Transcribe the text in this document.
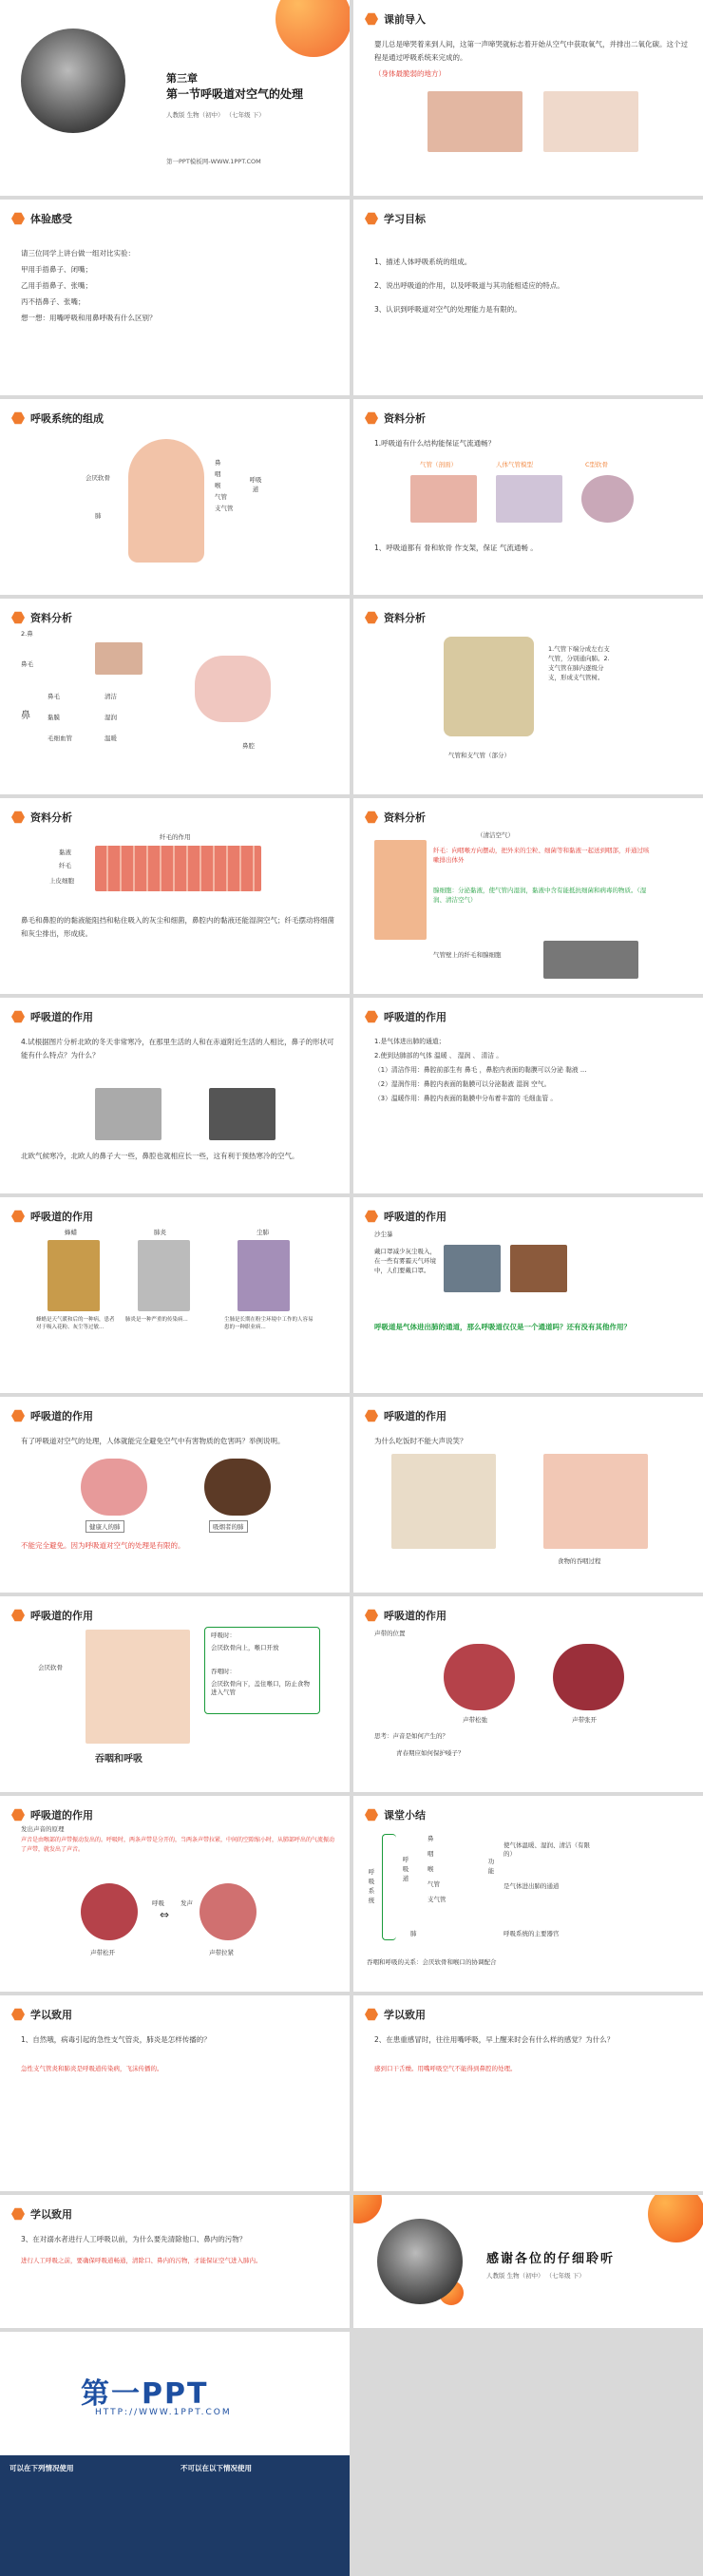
第三章
第一节呼吸道对空气的处理
人教版 生物（初中） （七年级 下）
第一PPT模板网-WWW.1PPT.COM
课前导入

婴儿总是啼哭着来到人间，这第一声啼哭就标志着开始从空气中获取氧气，并排出二氧化碳。这个过程是通过呼吸系统来完成的。

（身体最脆弱的地方）

体验感受

请三位同学上讲台做一组对比实验：

甲用手捂鼻子、闭嘴；

乙用手捂鼻子、张嘴；

丙不捂鼻子、张嘴；

想一想：用嘴呼吸和用鼻呼吸有什么区别？

学习目标

1、描述人体呼吸系统的组成。

2、说出呼吸道的作用，以及呼吸道与其功能相适应的特点。

3、认识到呼吸道对空气的处理能力是有限的。

呼吸系统的组成
会厌软骨
鼻
咽
喉
气管
支气管
呼吸道
肺
资料分析

1.呼吸道有什么结构能保证气流通畅？

气管（剖面）	人体气管模型	C型软骨
1、呼吸道都有 骨和软骨 作支架，保证 气流通畅 。
资料分析
2.鼻
鼻毛
鼻
鼻毛
黏膜
毛细血管
清洁
湿润
温暖
鼻腔
资料分析
1.气管下端分成左右支气管，分别通向肺。2.支气管在肺内逐级分支，形成支气管树。
气管和支气管（部分）
资料分析
纤毛的作用
黏液
纤毛
上皮细胞
鼻毛和鼻腔的的黏液能阻挡和粘住吸入的灰尘和细菌，鼻腔内的黏液还能湿润空气；纤毛摆动将细菌和灰尘排出，形成痰。
资料分析
（清洁空气）
纤毛：向咽喉方向摆动，把外来的尘粒、细菌等和黏液一起送到咽部，并通过咳嗽排出体外
腺细胞：分泌黏液，使气管内湿润，黏液中含有能抵抗细菌和病毒的物质。（湿润、清洁空气）
气管壁上的纤毛和腺细胞
呼吸道的作用
4.试根据图片分析北欧的冬天非常寒冷，在那里生活的人和在赤道附近生活的人相比，鼻子的形状可能有什么特点？为什么？
北欧气候寒冷，北欧人的鼻子大一些，鼻腔也就相应长一些，这有利于预热寒冷的空气。
呼吸道的作用

1.是气体进出肺的通道；

2.使到达肺部的气体 温暖 、 湿润 、 清洁 。

（1）清洁作用：鼻腔前部生有 鼻毛 ，鼻腔内表面的黏膜可以分泌 黏液 ...

（2）湿润作用：鼻腔内表面的黏膜可以分泌黏液 湿润 空气。

（3）温暖作用：鼻腔内表面的黏膜中分布着丰富的 毛细血管 。

呼吸道的作用
蜂蜡	肺炎	尘肺
蜂蜡是天气暖和后的一种病，患者对于吸入花粉、灰尘等过敏...
肺炎是一种严重的传染病...	尘肺是长期在粉尘环境中工作的人容易患的一种职业病...
呼吸道的作用
沙尘暴
戴口罩减少灰尘吸入，在一些有雾霾天气环境中，人们要戴口罩。
呼吸道是气体进出肺的通道，那么呼吸道仅仅是一个通道吗？还有没有其他作用？
呼吸道的作用
有了呼吸道对空气的处理，人体就能完全避免空气中有害物质的危害吗？举例说明。
健康人的肺	吸烟者的肺
不能完全避免。因为呼吸道对空气的处理是有限的。
呼吸道的作用
为什么吃饭时不能大声说笑？
食物的吞咽过程
呼吸道的作用
会厌软骨
呼吸时：
会厌软骨向上，喉口开放
吞咽时：
会厌软骨向下，盖住喉口，防止食物进入气管
吞咽和呼吸
呼吸道的作用
声带的位置
声带松弛	声带张开
思考：声音是如何产生的？
青春期应如何保护嗓子？
呼吸道的作用
发出声音的原理
声音是由喉部的声带振动发出的。呼吸时，两条声带是分开的，当两条声带拉紧，中间的空隙缩小时，从肺部呼出的气流振动了声带，就发出了声音。
呼吸	发声
⇔
声带松开	声带拉紧
课堂小结
呼吸系统
呼吸道
鼻
咽
喉
气管
支气管
肺
功能
使气体温暖、湿润、清洁（有限的）
是气体进出肺的通道
呼吸系统的主要器官
吞咽和呼吸的关系：会厌软骨和喉口的协调配合
学以致用
1、自然哦，病毒引起的急性支气管炎，肺炎是怎样传播的？
急性支气管炎和肺炎是呼吸道传染病，飞沫传播的。
学以致用
2、在患重感冒时，往往用嘴呼吸，早上醒来时会有什么样的感觉？为什么？
感到口干舌燥。用嘴呼吸空气不能得到鼻腔的处理。
学以致用
3、在对溺水者进行人工呼吸以前，为什么要先清除他口、鼻内的污物？
进行人工呼吸之前，要确保呼吸道畅通，清除口、鼻内的污物，才能保证空气进入肺内。	感谢各位的仔细聆听
人教版 生物（初中） （七年级 下）
第一PPT
HTTP://WWW.1PPT.COM
可以在下列情况使用	不可以在以下情况使用
